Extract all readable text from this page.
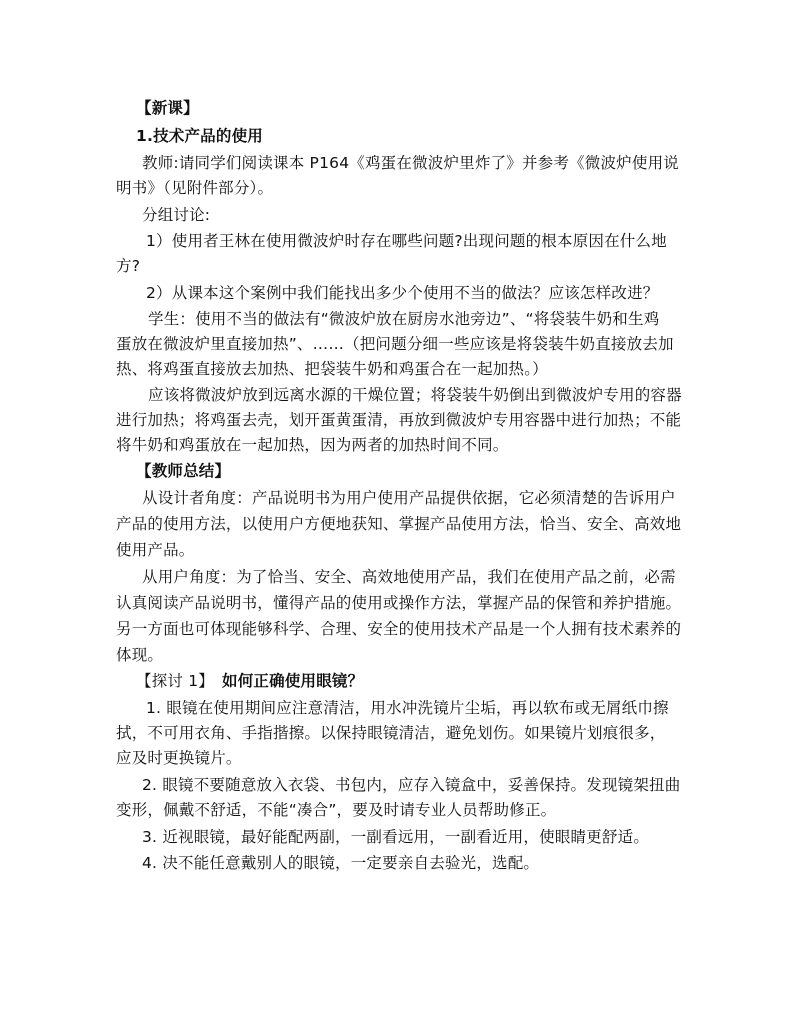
【新课】
1.技术产品的使用
教师:请同学们阅读课本 P164《鸡蛋在微波炉里炸了》并参考《微波炉使用说
明书》（见附件部分）。
分组讨论:
1）使用者王林在使用微波炉时存在哪些问题?出现问题的根本原因在什么地
方?
2）从课本这个案例中我们能找出多少个使用不当的做法？应该怎样改进？
学生：使用不当的做法有“微波炉放在厨房水池旁边”、“将袋装牛奶和生鸡
蛋放在微波炉里直接加热”、……（把问题分细一些应该是将袋装牛奶直接放去加
热、将鸡蛋直接放去加热、把袋装牛奶和鸡蛋合在一起加热。）
应该将微波炉放到远离水源的干燥位置；将袋装牛奶倒出到微波炉专用的容器
进行加热；将鸡蛋去壳，划开蛋黄蛋清，再放到微波炉专用容器中进行加热；不能
将牛奶和鸡蛋放在一起加热，因为两者的加热时间不同。
【教师总结】
从设计者角度：产品说明书为用户使用产品提供依据，它必须清楚的告诉用户
产品的使用方法，以使用户方便地获知、掌握产品使用方法，恰当、安全、高效地
使用产品。
从用户角度：为了恰当、安全、高效地使用产品，我们在使用产品之前，必需
认真阅读产品说明书，懂得产品的使用或操作方法，掌握产品的保管和养护措施。
另一方面也可体现能够科学、合理、安全的使用技术产品是一个人拥有技术素养的
体现。
【探讨 1】 如何正确使用眼镜？
1. 眼镜在使用期间应注意清洁，用水冲洗镜片尘垢，再以软布或无屑纸巾擦
拭，不可用衣角、手指揩擦。以保持眼镜清洁，避免划伤。如果镜片划痕很多，
应及时更换镜片。
2. 眼镜不要随意放入衣袋、书包内，应存入镜盒中，妥善保持。发现镜架扭曲
变形，佩戴不舒适，不能“凑合”，要及时请专业人员帮助修正。
3. 近视眼镜，最好能配两副，一副看远用，一副看近用，使眼睛更舒适。
4. 决不能任意戴别人的眼镜，一定要亲自去验光，选配。
